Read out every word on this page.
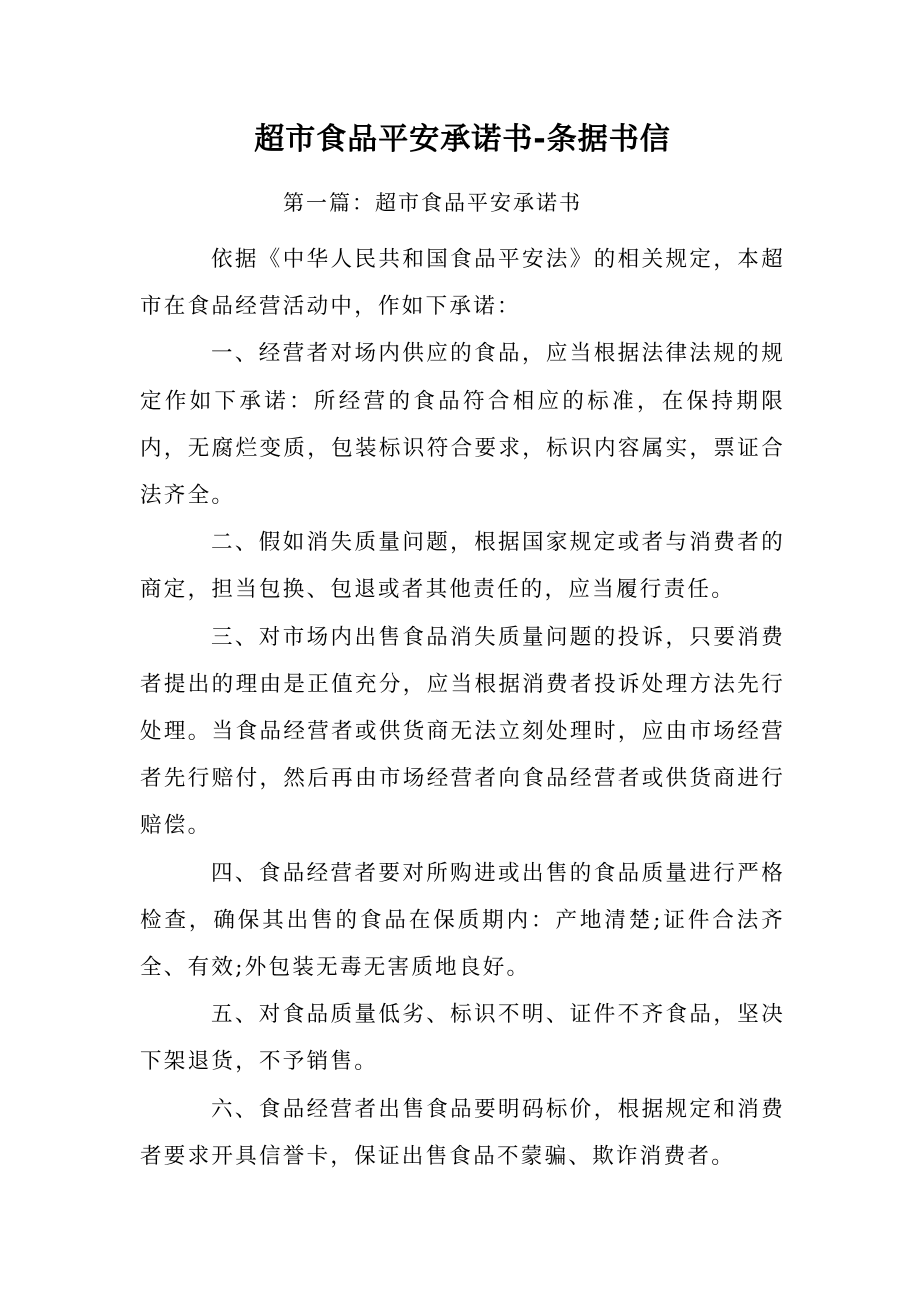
超市食品平安承诺书-条据书信
第一篇：超市食品平安承诺书

依据《中华人民共和国食品平安法》的相关规定，本超市在食品经营活动中，作如下承诺：

一、经营者对场内供应的食品，应当根据法律法规的规定作如下承诺：所经营的食品符合相应的标准，在保持期限内，无腐烂变质，包装标识符合要求，标识内容属实，票证合法齐全。

二、假如消失质量问题，根据国家规定或者与消费者的商定，担当包换、包退或者其他责任的，应当履行责任。

三、对市场内出售食品消失质量问题的投诉，只要消费者提出的理由是正值充分，应当根据消费者投诉处理方法先行处理。当食品经营者或供货商无法立刻处理时，应由市场经营者先行赔付，然后再由市场经营者向食品经营者或供货商进行赔偿。

四、食品经营者要对所购进或出售的食品质量进行严格检查，确保其出售的食品在保质期内：产地清楚;证件合法齐全、有效;外包装无毒无害质地良好。

五、对食品质量低劣、标识不明、证件不齐食品，坚决下架退货，不予销售。

六、食品经营者出售食品要明码标价，根据规定和消费者要求开具信誉卡，保证出售食品不蒙骗、欺诈消费者。
